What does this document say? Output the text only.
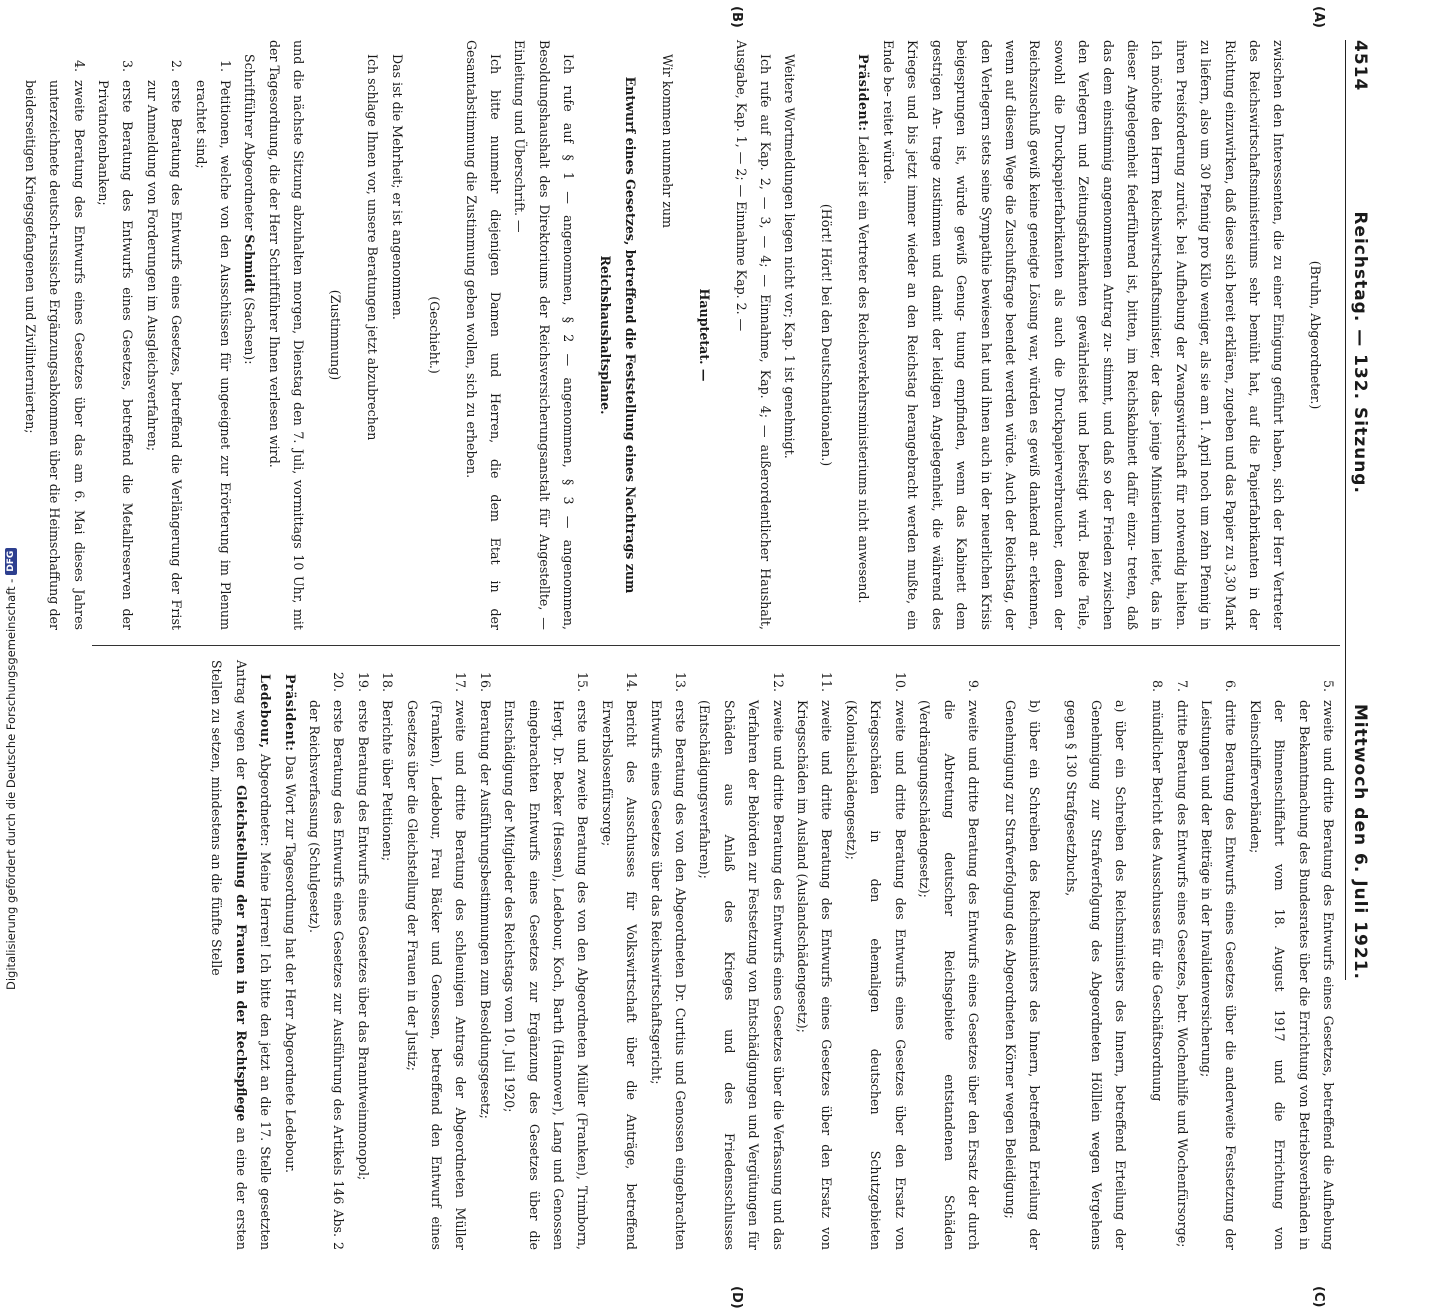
4514
Reichstag. — 132. Sitzung.
Mittwoch den 6. Juli 1921.
(A)
(B)
(C)
(D)

(Bruhn, Abgeordneter.)

zwischen den Interessenten, die zu einer Einigung geführt haben, sich der Herr Vertreter des Reichswirtschaftsministeriums sehr bemüht hat, auf die Papierfabrikanten in der Richtung einzuwirken, daß diese sich bereit erklären, zugeben und das Papier zu 3,30 Mark zu liefern, also um 30 Pfennig pro Kilo weniger, als sie am 1. April noch um zehn Pfennig in ihren Preisforderung zurück- bei Aufhebung der Zwangswirtschaft für notwendig hielten. Ich möchte den Herrn Reichswirtschaftsminister, der das- jenige Ministerium leitet, das in dieser Angelegenheit federführend ist, bitten, im Reichskabinett dafür einzu- treten, daß das dem einstimmig angenommenen Antrag zu- stimmt, und daß so der Frieden zwischen den Verlegern und Zeitungsfabrikanten gewährleistet und befestigt wird. Beide Teile, sowohl die Druckpapierfabrikanten als auch die Druckpapierverbraucher, denen der Reichszuschuß gewiß keine geneigte Lösung war, würden es gewiß dankend an- erkennen, wenn auf diesem Wege die Zuschußfrage beendet werden würde. Auch der Reichstag, der den Verlegern stets seine Sympathie bewiesen hat und ihnen auch in der neuerlichen Krisis beigesprungen ist, würde gewiß Genug- tuung empfinden, wenn das Kabinett dem gestrigen An- trage zustimmen und damit der leidigen Angelegenheit, die während des Krieges und bis jetzt immer wieder an den Reichstag herangebracht werden mußte, ein Ende be- reitet würde.

Präsident: Leider ist ein Vertreter des Reichsverkehrsministeriums nicht anwesend.

(Hört! Hört! bei den Deutschnationalen.)

Weitere Wortmeldungen liegen nicht vor; Kap. 1 ist genehmigt.

Ich rufe auf Kap. 2, — 3, — 4; — Einnahme, Kap. 4; — außerordentlicher Haushalt, Ausgabe, Kap. 1, — 2; — Einnahme Kap. 2. —

Hauptetat. —

Wir kommen nunmehr zum

Entwurf eines Gesetzes, betreffend die Feststellung eines Nachtrags zum Reichshaushaltsplane.

Ich rufe auf § 1 — angenommen, § 2 — angenommen, § 3 — angenommen, Besoldungshaushalt des Direktoriums der Reichsversicherungsanstalt für Angestellte, — Einleitung und Überschrift. —

Ich bitte nunmehr diejenigen Damen und Herren, die dem Etat in der Gesamtabstimmung die Zustimmung geben wollen, sich zu erheben.

(Geschieht.)

Das ist die Mehrheit; er ist angenommen.

Ich schlage Ihnen vor, unsere Beratungen jetzt abzubrechen

(Zustimmung)

und die nächste Sitzung abzuhalten morgen, Dienstag den 7. Juli, vormittags 10 Uhr, mit der Tagesordnung, die der Herr Schriftführer Ihnen verlesen wird.

Schriftführer Abgeordneter Schmidt (Sachsen):

1.
Petitionen, welche von den Ausschüssen für ungeeignet zur Erörterung im Plenum erachtet sind;
2.
erste Beratung des Entwurfs eines Gesetzes, betreffend die Verlängerung der Frist zur Anmeldung von Forderungen im Ausgleichsverfahren;
3.
erste Beratung des Entwurfs eines Gesetzes, betreffend die Metallreserven der Privatnotenbanken;
4.
zweite Beratung des Entwurfs eines Gesetzes über das am 6. Mai dieses Jahres unterzeichnete deutsch-russische Ergänzungsabkommen über die Heimschaffung der beiderseitigen Kriegsgefangenen und Zivilinternierten;
5.
zweite und dritte Beratung des Entwurfs eines Gesetzes, betreffend die Aufhebung der Bekanntmachung des Bundesrates über die Errichtung von Betriebsverbänden in der Binnenschiffahrt vom 18. August 1917 und die Errichtung von Kleinschifferverbänden;
6.
dritte Beratung des Entwurfs eines Gesetzes über die anderweite Festsetzung der Leistungen und der Beiträge in der Invalidenversicherung;
7.
dritte Beratung des Entwurfs eines Gesetzes, betr. Wochenhilfe und Wochenfürsorge;
8.
mündlicher Bericht des Ausschusses für die Geschäftsordnung

a) über ein Schreiben des Reichsministers des Innern, betreffend Erteilung der Genehmigung zur Strafverfolgung des Abgeordneten Hölllein wegen Vergehens gegen § 130 Strafgesetzbuchs,

b) über ein Schreiben des Reichsministers des Innern, betreffend Erteilung der Genehmigung zur Strafverfolgung des Abgeordneten Körner wegen Beleidigung;

9.
zweite und dritte Beratung des Entwurfs eines Gesetzes über den Ersatz der durch die Abtretung deutscher Reichsgebiete entstandenen Schäden (Verdrängungsschädengesetz);
10.
zweite und dritte Beratung des Entwurfs eines Gesetzes über den Ersatz von Kriegsschäden in den ehemaligen deutschen Schutzgebieten (Kolonialschädengesetz);
11.
zweite und dritte Beratung des Entwurfs eines Gesetzes über den Ersatz von Kriegsschäden im Ausland (Auslandschädengesetz);
12.
zweite und dritte Beratung des Entwurfs eines Gesetzes über die Verfassung und das Verfahren der Behörden zur Festsetzung von Entschädigungen und Vergütungen für Schäden aus Anlaß des Krieges und des Friedensschlusses (Entschädigungsverfahren);
13.
erste Beratung des von den Abgeordneten Dr. Curtius und Genossen eingebrachten Entwurfs eines Gesetzes über das Reichswirtschaftsgericht;
14.
Bericht des Ausschusses für Volkswirtschaft über die Anträge, betreffend Erwerbslosenfürsorge;
15.
erste und zweite Beratung des von den Abgeordneten Müller (Franken), Trimborn, Hergt, Dr. Becker (Hessen), Ledebour, Koch, Barth (Hannover), Lang und Genossen eingebrachten Entwurfs eines Gesetzes zur Ergänzung des Gesetzes über die Entschädigung der Mitglieder des Reichstags vom 10. Juli 1920;
16.
Beratung der Ausführungsbestimmungen zum Besoldungsgesetz;
17.
zweite und dritte Beratung des schleunigen Antrags der Abgeordneten Müller (Franken), Ledebour, Frau Bäcker und Genossen, betreffend den Entwurf eines Gesetzes über die Gleichstellung der Frauen in der Justiz;
18.
Berichte über Petitionen;
19.
erste Beratung des Entwurfs eines Gesetzes über das Branntweinmonopol;
20.
erste Beratung des Entwurfs eines Gesetzes zur Ausführung des Artikels 146 Abs. 2 der Reichsverfassung (Schulgesetz).

Präsident: Das Wort zur Tagesordnung hat der Herr Abgeordnete Ledebour.

Ledebour, Abgeordneter: Meine Herren! Ich bitte den jetzt an die 17. Stelle gesetzten Antrag wegen der Gleichstellung der Frauen in der Rechtspflege an eine der ersten Stellen zu setzen, mindestens an die fünfte Stelle

Digitalisierung gefördert durch die Deutsche Forschungsgemeinschaft -
DFG
